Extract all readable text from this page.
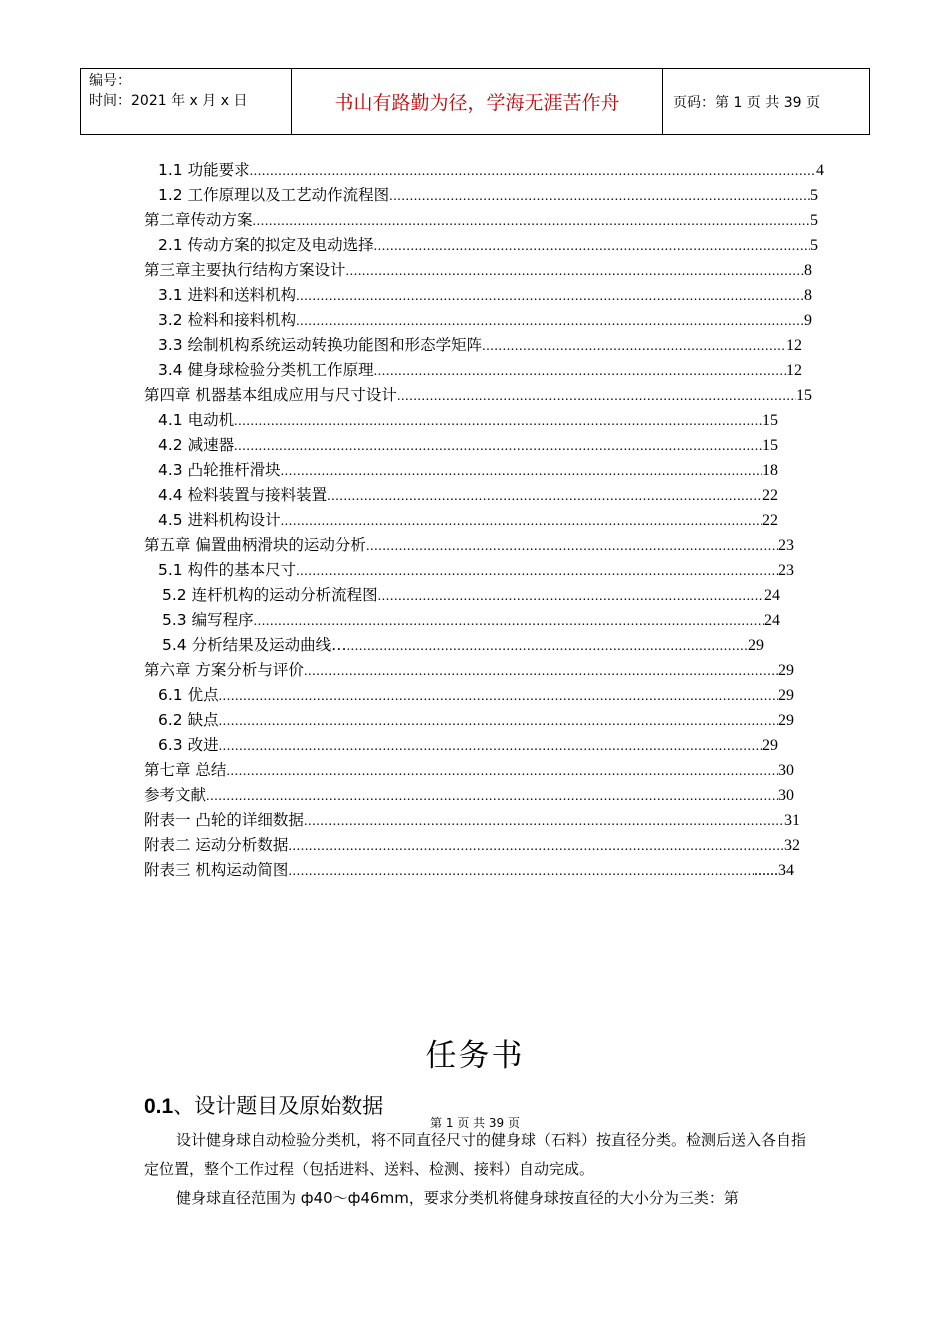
编号：
时间：2021 年 x 月 x 日	书山有路勤为径，学海无涯苦作舟	页码：第 1 页 共 39 页
1.1 功能要求 .....	4
1.2 工作原理以及工艺动作流程图 .....	5
第二章传动方案 .....	5
2.1 传动方案的拟定及电动选择 .....	5
第三章主要执行结构方案设计 .....	8
3.1 进料和送料机构 .....	8
3.2 检料和接料机构 .....	9
3.3 绘制机构系统运动转换功能图和形态学矩阵 .....	12
3.4 健身球检验分类机工作原理 .....	12
第四章 机器基本组成应用与尺寸设计 .....	15
4.1 电动机 .....	15
4.2 减速器 .....	15
4.3 凸轮推杆滑块 .....	18
4.4 检料装置与接料装置 .....	22
4.5 进料机构设计 .....	22
第五章 偏置曲柄滑块的运动分析 .....	23
5.1 构件的基本尺寸 .....	23
5.2 连杆机构的运动分析流程图 .....	24
5.3 编写程序 .....	24
5.4 分析结果及运动曲线… .....	29
第六章 方案分析与评价 .....	29
6.1 优点 .....	29
6.2 缺点 .....	29
6.3 改进 .....	29
第七章 总结 .....	30
参考文献 .....	30
附表一 凸轮的详细数据 .....	31
附表二 运动分析数据 .....	32
附表三 机构运动简图 .....	......34
任务书
0.1、设计题目及原始数据
第 1 页 共 39 页
设计健身球自动检验分类机，将不同直径尺寸的健身球（石料）按直径分类。检测后送入各自指定位置，整个工作过程（包括进料、送料、检测、接料）自动完成。
健身球直径范围为 ф40～ф46mm，要求分类机将健身球按直径的大小分为三类：第
